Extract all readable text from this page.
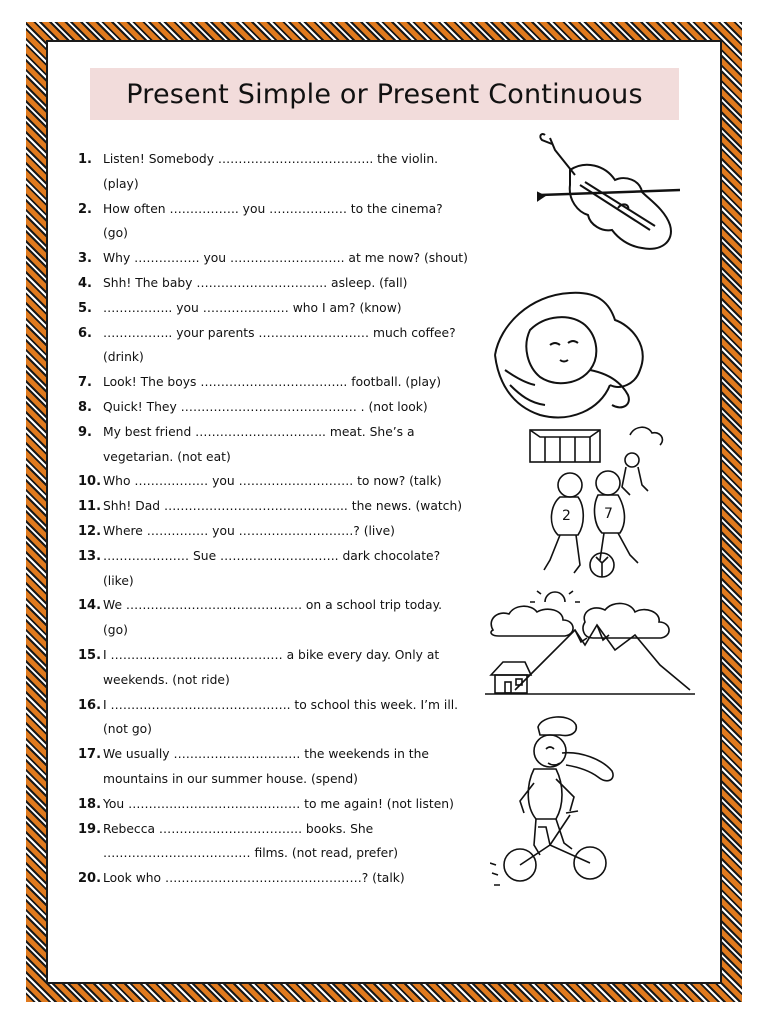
Present Simple or Present Continuous
1. Listen! Somebody ……………………………….. the violin.
(play)
2. How often …………….. you ………………. to the cinema?
(go)
3. Why ……………. you ………………………. at me now? (shout)
4. Shh! The baby ………………………….. asleep. (fall)
5. …………….. you ………………… who I am? (know)
6. …………….. your parents ……………………… much coffee?
(drink)
7. Look! The boys ……………………………... football. (play)
8. Quick! They ……………………………………. . (not look)
9. My best friend ………………………….. meat. She’s a
vegetarian. (not eat)
10. Who ……………… you ………………………. to now? (talk)
11. Shh! Dad ……………………………………... the news. (watch)
12. Where …………… you ……………………….? (live)
13. ………………… Sue ……………………….. dark chocolate?
(like)
14. We ……………………………………. on a school trip today.
(go)
15. I …………………………………… a bike every day. Only at
weekends. (not ride)
16. I …………………………………….. to school this week. I’m ill.
(not go)
17. We usually …………………………. the weekends in the
mountains in our summer house. (spend)
18. You …………………………………… to me again! (not listen)
19. Rebecca …………………………….. books. She
……………………………… films. (not read, prefer)
20. Look who …………………………………………? (talk)
2 7
